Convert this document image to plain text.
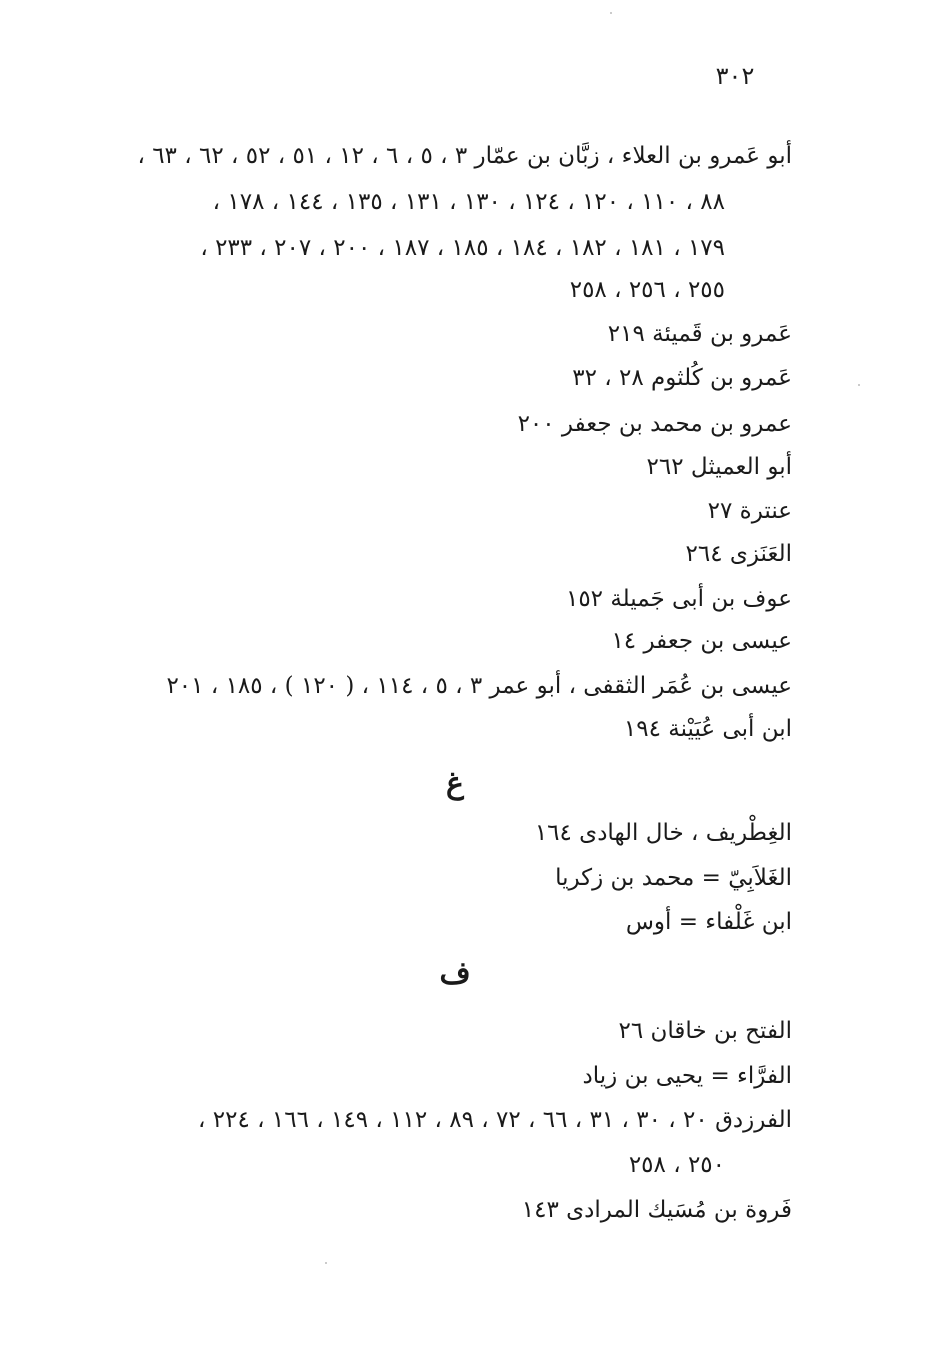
٣٠٢
أبو عَمرو بن العلاء ، زبَّان بن عمّار ٣ ، ٥ ، ٦ ، ١٢ ، ٥١ ، ٥٢ ، ٦٢ ، ٦٣ ،
٨٨ ، ١١٠ ، ١٢٠ ، ١٢٤ ، ١٣٠ ، ١٣١ ، ١٣٥ ، ١٤٤ ، ١٧٨ ،
١٧٩ ، ١٨١ ، ١٨٢ ، ١٨٤ ، ١٨٥ ، ١٨٧ ، ٢٠٠ ، ٢٠٧ ، ٢٣٣ ،
٢٥٥ ، ٢٥٦ ، ٢٥٨
عَمرو بن قَميئة ٢١٩
عَمرو بن كُلثوم ٢٨ ، ٣٢
عمرو بن محمد بن جعفر ٢٠٠
أبو العميثل ٢٦٢
عنترة ٢٧
العَنَزى ٢٦٤
عوف بن أبى جَميلة ١٥٢
عيسى بن جعفر ١٤
عيسى بن عُمَر الثقفى ، أبو عمر ٣ ، ٥ ، ١١٤ ، ( ١٢٠ ) ، ١٨٥ ، ٢٠١
ابن أبى عُيَيْنة ١٩٤
غ
الغِطْريف ، خال الهادى ١٦٤
الغَلاَبِيّ = محمد بن زكريا
ابن غَلْفاء = أوس
ف
الفتح بن خاقان ٢٦
الفرَّاء = يحيى بن زياد
الفرزدق ٢٠ ، ٣٠ ، ٣١ ، ٦٦ ، ٧٢ ، ٨٩ ، ١١٢ ، ١٤٩ ، ١٦٦ ، ٢٢٤ ،
٢٥٠ ، ٢٥٨
فَروة بن مُسَيك المرادى ١٤٣
